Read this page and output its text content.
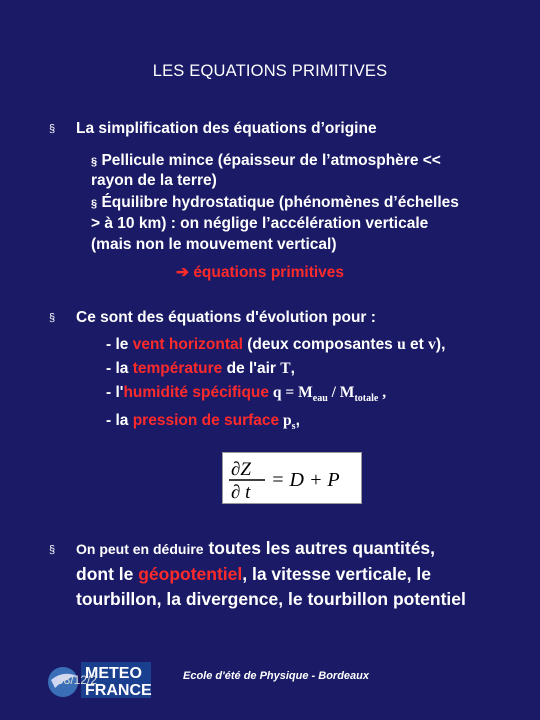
LES EQUATIONS PRIMITIVES
§ La simplification des équations d’origine
§ Pellicule mince (épaisseur de l’atmosphère <<
rayon de la terre)
§ Équilibre hydrostatique (phénomènes d’échelles
> à 10 km) : on néglige l’accélération verticale
(mais non le mouvement vertical)
➔ équations primitives
§ Ce sont des équations d'évolution pour :
- le vent horizontal (deux composantes u et v),
- la température de l'air T,
- l'humidité spécifique $q = M_{eau} / M_{totale}$ ,
- la pression de surface $p_s$,
∂Z
∂ t
= D + P
§ On peut en déduire toutes les autres quantités,
dont le géopotentiel, la vitesse verticale, le
tourbillon, la divergence, le tourbillon potentiel
METEO
FRANCE
08/12/2	Ecole d'été de Physique - Bordeaux
